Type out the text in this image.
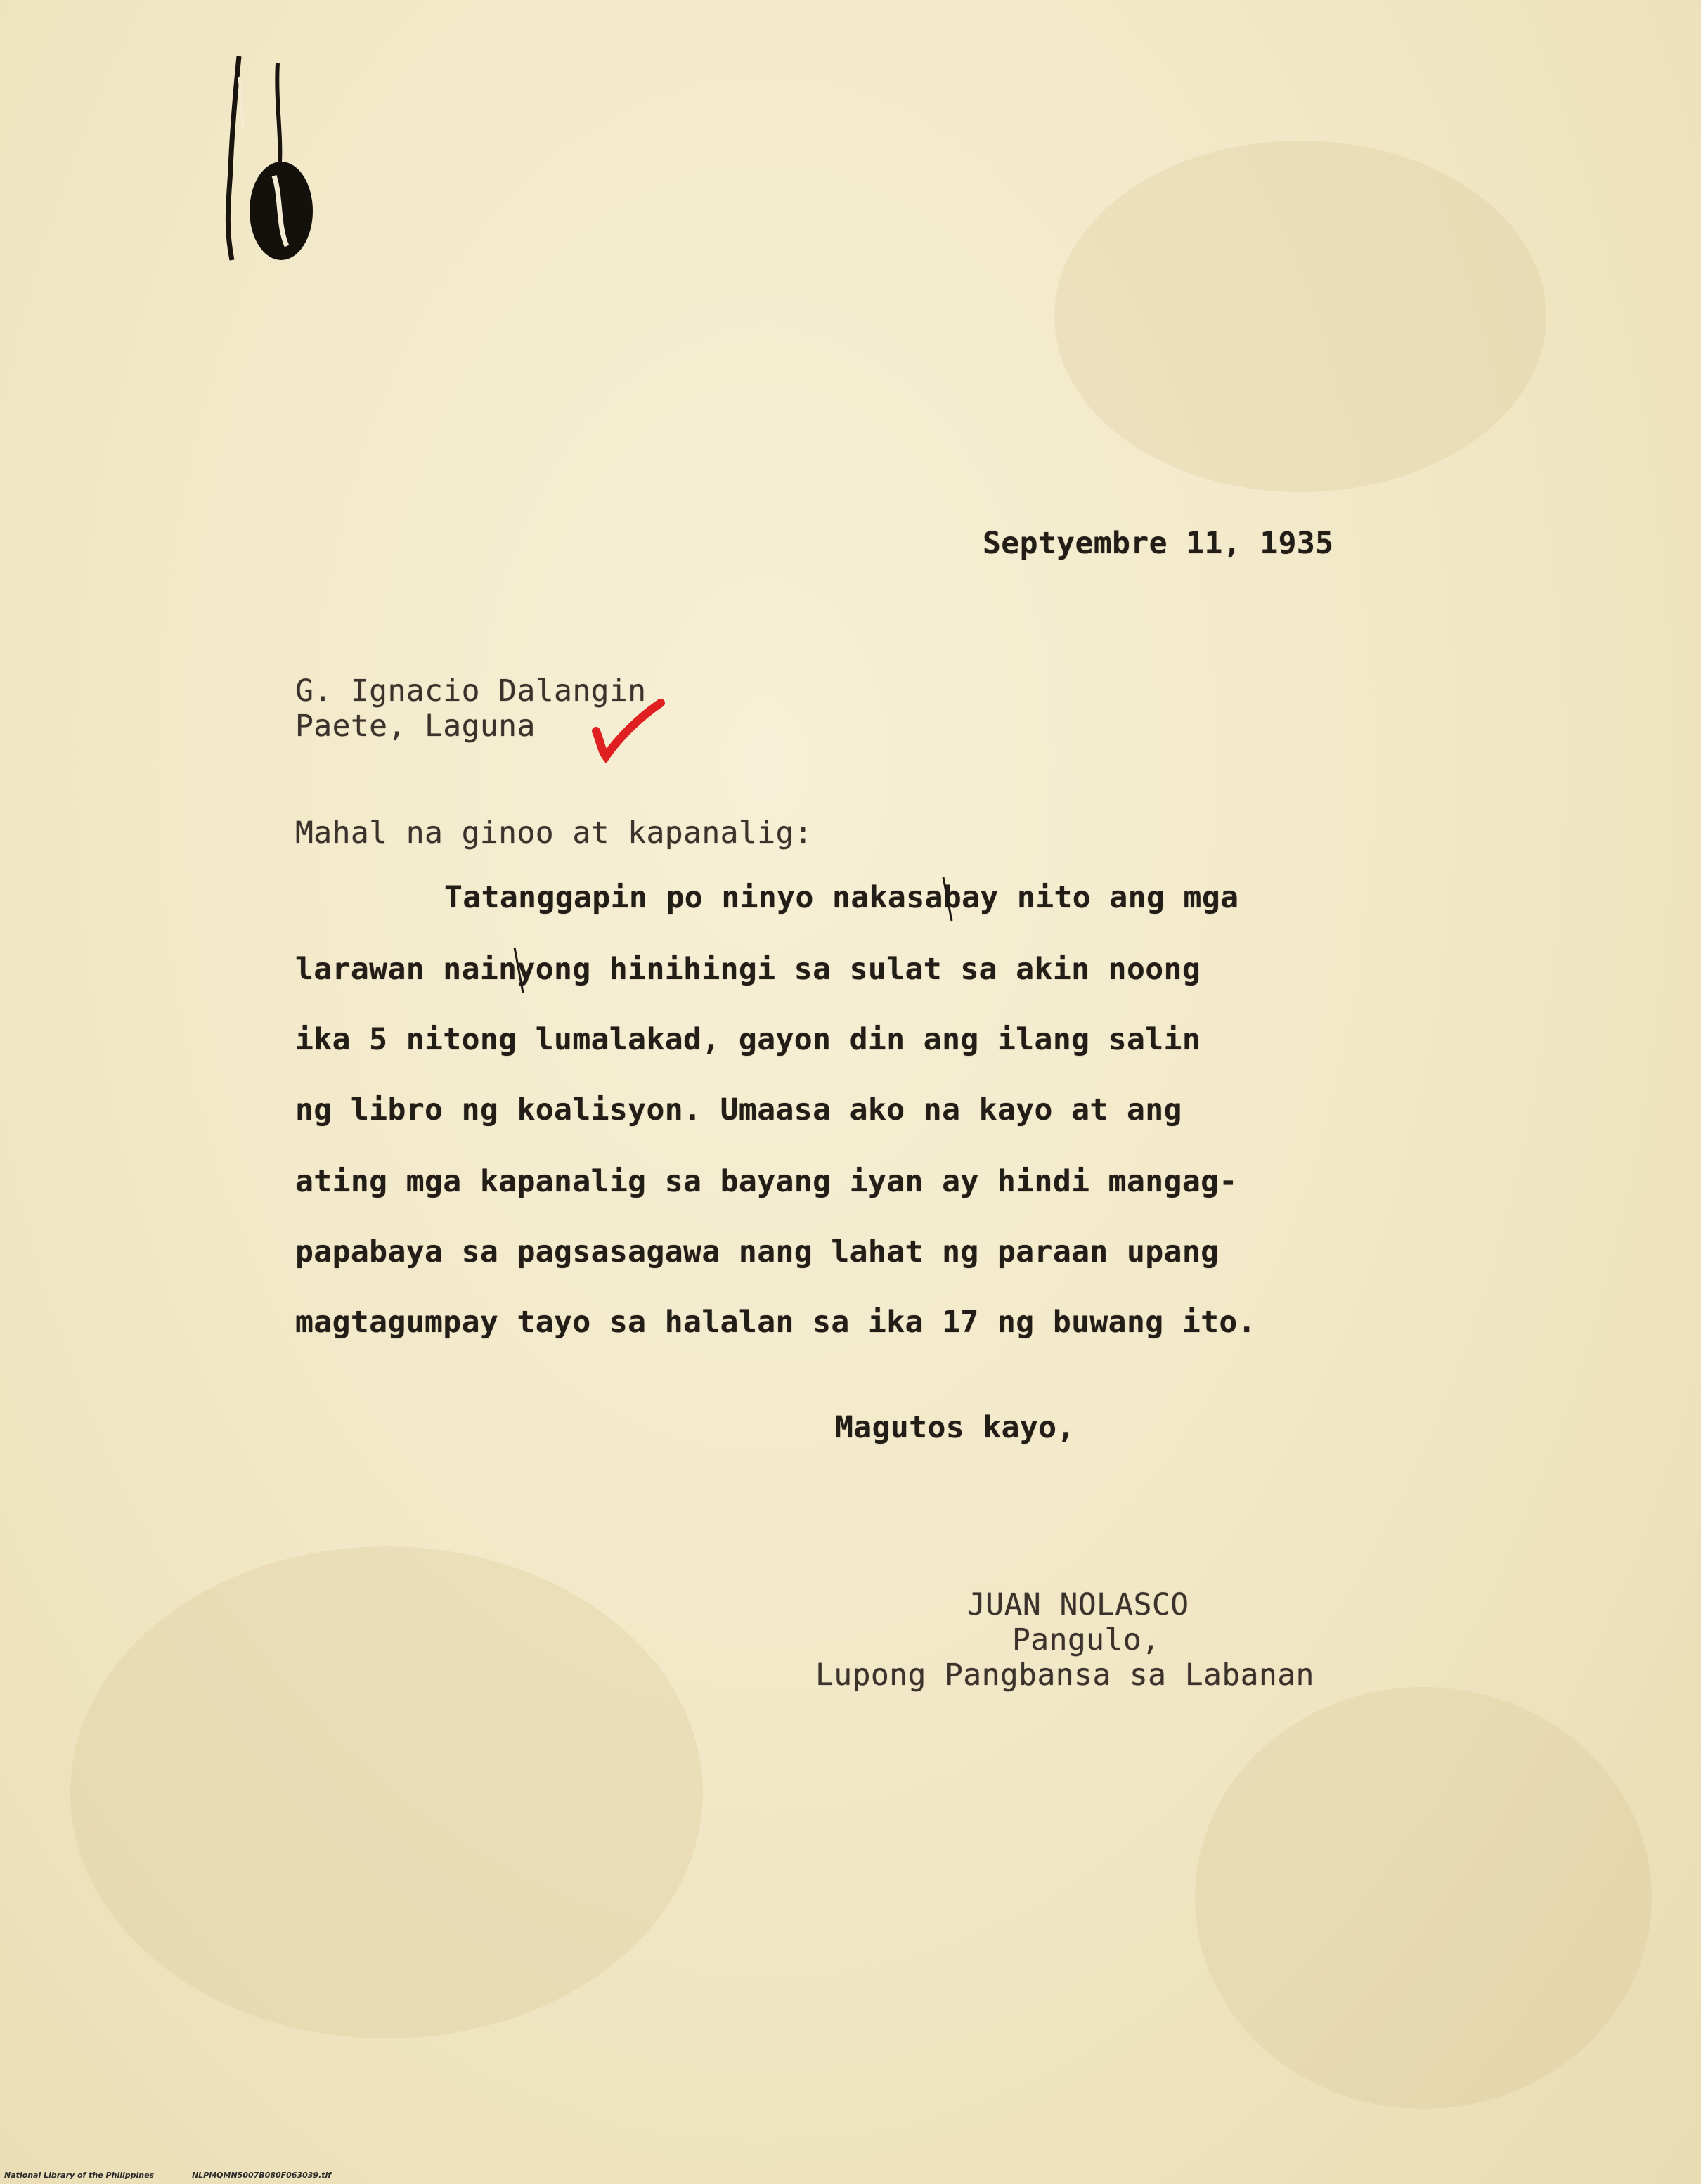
Septyembre 11, 1935
G. Ignacio Dalangin
Paete, Laguna
Mahal na ginoo at kapanalig:
Tatanggapin po ninyo nakasabay nito ang mga
larawan nainyong hinihingi sa sulat sa akin noong
ika 5 nitong lumalakad, gayon din ang ilang salin
ng libro ng koalisyon. Umaasa ako na kayo at ang
ating mga kapanalig sa bayang iyan ay hindi mangag-
papabaya sa pagsasagawa nang lahat ng paraan upang
magtagumpay tayo sa halalan sa ika 17 ng buwang ito.
Magutos kayo,
JUAN NOLASCO
Pangulo,
Lupong Pangbansa sa Labanan
National Library of the Philippines	NLPMQMN5007B080F063039.tif
